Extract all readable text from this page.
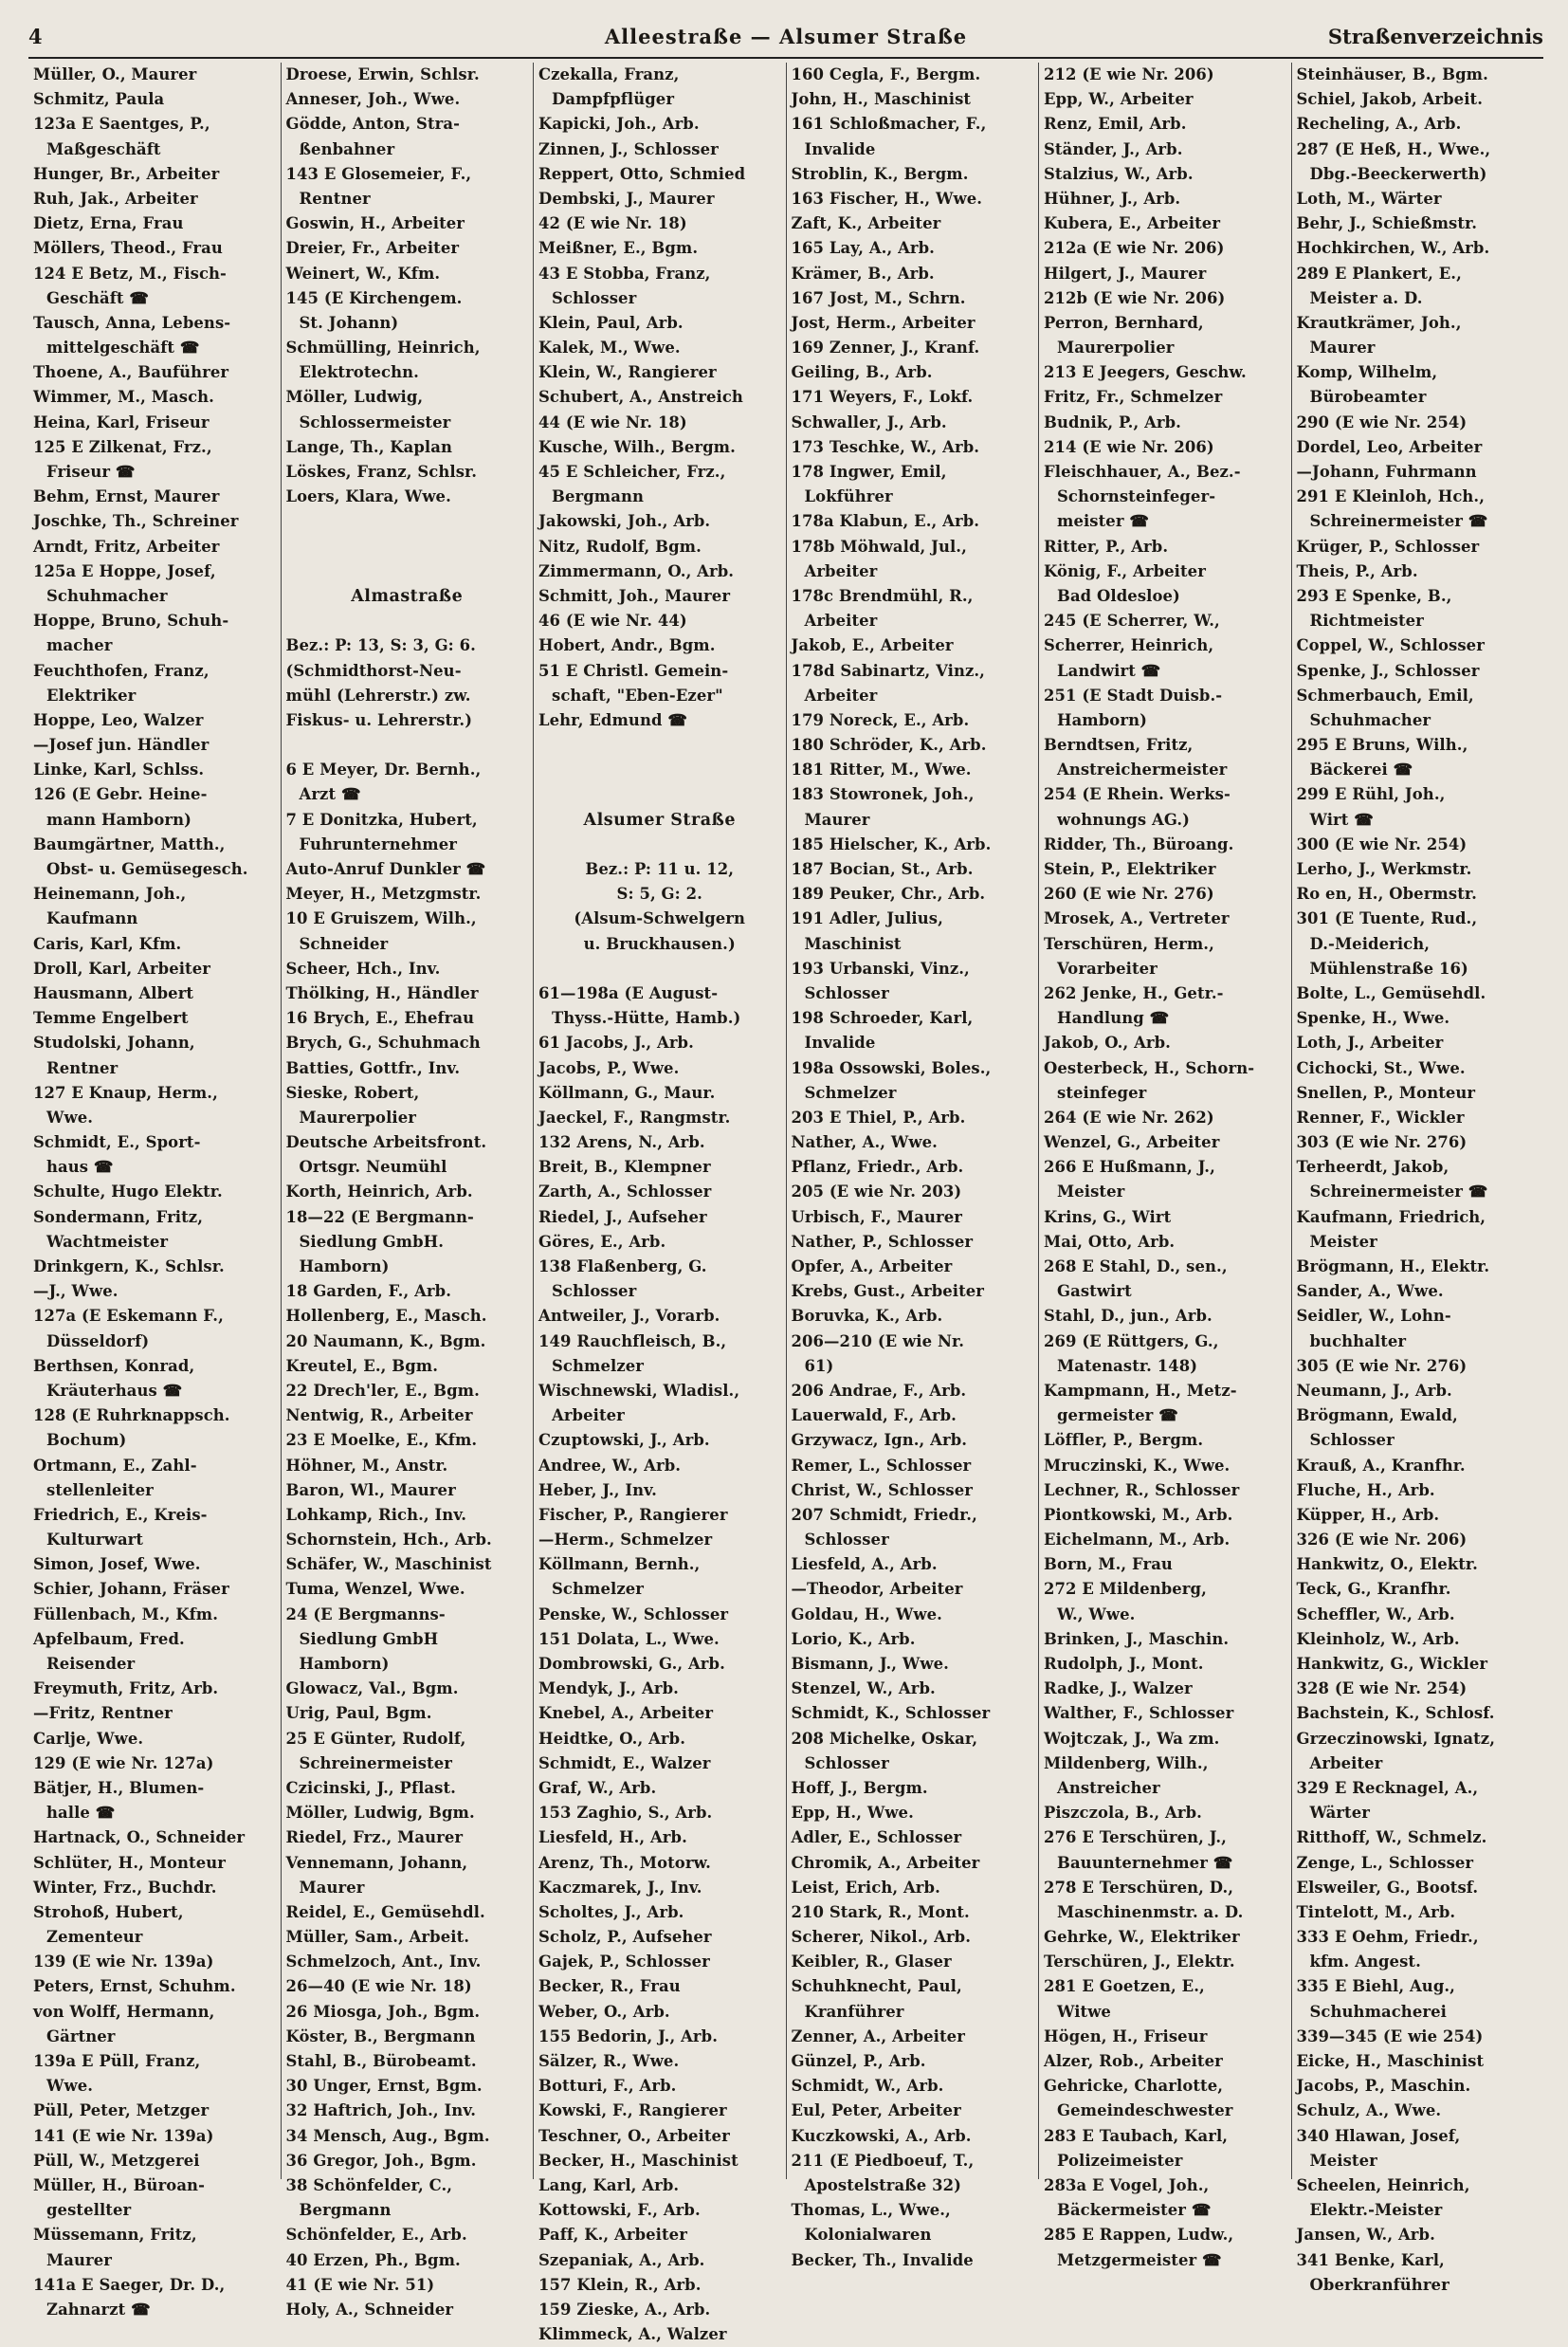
4	Alleestraße — Alsumer Straße	Straßenverzeichnis
Müller, O., Maurer
Schmitz, Paula
123a E Saentges, P.,
Maßgeschäft
Hunger, Br., Arbeiter
Ruh, Jak., Arbeiter
Dietz, Erna, Frau
Möllers, Theod., Frau
124 E Betz, M., Fisch-
Geschäft ☎
Tausch, Anna, Lebens-
mittelgeschäft ☎
Thoene, A., Bauführer
Wimmer, M., Masch.
Heina, Karl, Friseur
125 E Zilkenat, Frz.,
Friseur ☎
Behm, Ernst, Maurer
Joschke, Th., Schreiner
Arndt, Fritz, Arbeiter
125a E Hoppe, Josef,
Schuhmacher
Hoppe, Bruno, Schuh-
macher
Feuchthofen, Franz,
Elektriker
Hoppe, Leo, Walzer
—Josef jun. Händler
Linke, Karl, Schlss.
126 (E Gebr. Heine-
mann Hamborn)
Baumgärtner, Matth.,
Obst- u. Gemüsegesch.
Heinemann, Joh.,
Kaufmann
Caris, Karl, Kfm.
Droll, Karl, Arbeiter
Hausmann, Albert
Temme Engelbert
Studolski, Johann,
Rentner
127 E Knaup, Herm.,
Wwe.
Schmidt, E., Sport-
haus ☎
Schulte, Hugo Elektr.
Sondermann, Fritz,
Wachtmeister
Drinkgern, K., Schlsr.
—J., Wwe.
127a (E Eskemann F.,
Düsseldorf)
Berthsen, Konrad,
Kräuterhaus ☎
128 (E Ruhrknappsch.
Bochum)
Ortmann, E., Zahl-
stellenleiter
Friedrich, E., Kreis-
Kulturwart
Simon, Josef, Wwe.
Schier, Johann, Fräser
Füllenbach, M., Kfm.
Apfelbaum, Fred.
Reisender
Freymuth, Fritz, Arb.
—Fritz, Rentner
Carlje, Wwe.
129 (E wie Nr. 127a)
Bätjer, H., Blumen-
halle ☎
Hartnack, O., Schneider
Schlüter, H., Monteur
Winter, Frz., Buchdr.
Strohoß, Hubert,
Zementeur
139 (E wie Nr. 139a)
Peters, Ernst, Schuhm.
von Wolff, Hermann,
Gärtner
139a E Püll, Franz,
Wwe.
Püll, Peter, Metzger
141 (E wie Nr. 139a)
Püll, W., Metzgerei
Müller, H., Büroan-
gestellter
Müssemann, Fritz,
Maurer
141a E Saeger, Dr. D.,
Zahnarzt ☎
Droese, Erwin, Schlsr.
Anneser, Joh., Wwe.
Gödde, Anton, Stra-
ßenbahner
143 E Glosemeier, F.,
Rentner
Goswin, H., Arbeiter
Dreier, Fr., Arbeiter
Weinert, W., Kfm.
145 (E Kirchengem.
St. Johann)
Schmülling, Heinrich,
Elektrotechn.
Möller, Ludwig,
Schlossermeister
Lange, Th., Kaplan
Löskes, Franz, Schlsr.
Loers, Klara, Wwe.
Almastraße
Bez.: P: 13, S: 3, G: 6.
(Schmidthorst-Neu-
mühl (Lehrerstr.) zw.
Fiskus- u. Lehrerstr.)
6 E Meyer, Dr. Bernh.,
Arzt ☎
7 E Donitzka, Hubert,
Fuhrunternehmer
Auto-Anruf Dunkler ☎
Meyer, H., Metzgmstr.
10 E Gruiszem, Wilh.,
Schneider
Scheer, Hch., Inv.
Thölking, H., Händler
16 Brych, E., Ehefrau
Brych, G., Schuhmach
Batties, Gottfr., Inv.
Sieske, Robert,
Maurerpolier
Deutsche Arbeitsfront.
Ortsgr. Neumühl
Korth, Heinrich, Arb.
18—22 (E Bergmann-
Siedlung GmbH.
Hamborn)
18 Garden, F., Arb.
Hollenberg, E., Masch.
20 Naumann, K., Bgm.
Kreutel, E., Bgm.
22 Drech'ler, E., Bgm.
Nentwig, R., Arbeiter
23 E Moelke, E., Kfm.
Höhner, M., Anstr.
Baron, Wl., Maurer
Lohkamp, Rich., Inv.
Schornstein, Hch., Arb.
Schäfer, W., Maschinist
Tuma, Wenzel, Wwe.
24 (E Bergmanns-
Siedlung GmbH
Hamborn)
Glowacz, Val., Bgm.
Urig, Paul, Bgm.
25 E Günter, Rudolf,
Schreinermeister
Czicinski, J., Pflast.
Möller, Ludwig, Bgm.
Riedel, Frz., Maurer
Vennemann, Johann,
Maurer
Reidel, E., Gemüsehdl.
Müller, Sam., Arbeit.
Schmelzoch, Ant., Inv.
26—40 (E wie Nr. 18)
26 Miosga, Joh., Bgm.
Köster, B., Bergmann
Stahl, B., Bürobeamt.
30 Unger, Ernst, Bgm.
32 Haftrich, Joh., Inv.
34 Mensch, Aug., Bgm.
36 Gregor, Joh., Bgm.
38 Schönfelder, C.,
Bergmann
Schönfelder, E., Arb.
40 Erzen, Ph., Bgm.
41 (E wie Nr. 51)
Holy, A., Schneider
Czekalla, Franz,
Dampfpflüger
Kapicki, Joh., Arb.
Zinnen, J., Schlosser
Reppert, Otto, Schmied
Dembski, J., Maurer
42 (E wie Nr. 18)
Meißner, E., Bgm.
43 E Stobba, Franz,
Schlosser
Klein, Paul, Arb.
Kalek, M., Wwe.
Klein, W., Rangierer
Schubert, A., Anstreich
44 (E wie Nr. 18)
Kusche, Wilh., Bergm.
45 E Schleicher, Frz.,
Bergmann
Jakowski, Joh., Arb.
Nitz, Rudolf, Bgm.
Zimmermann, O., Arb.
Schmitt, Joh., Maurer
46 (E wie Nr. 44)
Hobert, Andr., Bgm.
51 E Christl. Gemein-
schaft, "Eben-Ezer"
Lehr, Edmund ☎
Alsumer Straße
Bez.: P: 11 u. 12,
S: 5, G: 2.
(Alsum-Schwelgern
u. Bruckhausen.)
61—198a (E August-
Thyss.-Hütte, Hamb.)
61 Jacobs, J., Arb.
Jacobs, P., Wwe.
Köllmann, G., Maur.
Jaeckel, F., Rangmstr.
132 Arens, N., Arb.
Breit, B., Klempner
Zarth, A., Schlosser
Riedel, J., Aufseher
Göres, E., Arb.
138 Flaßenberg, G.
Schlosser
Antweiler, J., Vorarb.
149 Rauchfleisch, B.,
Schmelzer
Wischnewski, Wladisl.,
Arbeiter
Czuptowski, J., Arb.
Andree, W., Arb.
Heber, J., Inv.
Fischer, P., Rangierer
—Herm., Schmelzer
Köllmann, Bernh.,
Schmelzer
Penske, W., Schlosser
151 Dolata, L., Wwe.
Dombrowski, G., Arb.
Mendyk, J., Arb.
Knebel, A., Arbeiter
Heidtke, O., Arb.
Schmidt, E., Walzer
Graf, W., Arb.
153 Zaghio, S., Arb.
Liesfeld, H., Arb.
Arenz, Th., Motorw.
Kaczmarek, J., Inv.
Scholtes, J., Arb.
Scholz, P., Aufseher
Gajek, P., Schlosser
Becker, R., Frau
Weber, O., Arb.
155 Bedorin, J., Arb.
Sälzer, R., Wwe.
Botturi, F., Arb.
Kowski, F., Rangierer
Teschner, O., Arbeiter
Becker, H., Maschinist
Lang, Karl, Arb.
Kottowski, F., Arb.
Paff, K., Arbeiter
Szepaniak, A., Arb.
157 Klein, R., Arb.
159 Zieske, A., Arb.
Klimmeck, A., Walzer
160 Cegla, F., Bergm.
John, H., Maschinist
161 Schloßmacher, F.,
Invalide
Stroblin, K., Bergm.
163 Fischer, H., Wwe.
Zaft, K., Arbeiter
165 Lay, A., Arb.
Krämer, B., Arb.
167 Jost, M., Schrn.
Jost, Herm., Arbeiter
169 Zenner, J., Kranf.
Geiling, B., Arb.
171 Weyers, F., Lokf.
Schwaller, J., Arb.
173 Teschke, W., Arb.
178 Ingwer, Emil,
Lokführer
178a Klabun, E., Arb.
178b Möhwald, Jul.,
Arbeiter
178c Brendmühl, R.,
Arbeiter
Jakob, E., Arbeiter
178d Sabinartz, Vinz.,
Arbeiter
179 Noreck, E., Arb.
180 Schröder, K., Arb.
181 Ritter, M., Wwe.
183 Stowronek, Joh.,
Maurer
185 Hielscher, K., Arb.
187 Bocian, St., Arb.
189 Peuker, Chr., Arb.
191 Adler, Julius,
Maschinist
193 Urbanski, Vinz.,
Schlosser
198 Schroeder, Karl,
Invalide
198a Ossowski, Boles.,
Schmelzer
203 E Thiel, P., Arb.
Nather, A., Wwe.
Pflanz, Friedr., Arb.
205 (E wie Nr. 203)
Urbisch, F., Maurer
Nather, P., Schlosser
Opfer, A., Arbeiter
Krebs, Gust., Arbeiter
Boruvka, K., Arb.
206—210 (E wie Nr.
61)
206 Andrae, F., Arb.
Lauerwald, F., Arb.
Grzywacz, Ign., Arb.
Remer, L., Schlosser
Christ, W., Schlosser
207 Schmidt, Friedr.,
Schlosser
Liesfeld, A., Arb.
—Theodor, Arbeiter
Goldau, H., Wwe.
Lorio, K., Arb.
Bismann, J., Wwe.
Stenzel, W., Arb.
Schmidt, K., Schlosser
208 Michelke, Oskar,
Schlosser
Hoff, J., Bergm.
Epp, H., Wwe.
Adler, E., Schlosser
Chromik, A., Arbeiter
Leist, Erich, Arb.
210 Stark, R., Mont.
Scherer, Nikol., Arb.
Keibler, R., Glaser
Schuhknecht, Paul,
Kranführer
Zenner, A., Arbeiter
Günzel, P., Arb.
Schmidt, W., Arb.
Eul, Peter, Arbeiter
Kuczkowski, A., Arb.
211 (E Piedboeuf, T.,
Apostelstraße 32)
Thomas, L., Wwe.,
Kolonialwaren
Becker, Th., Invalide
212 (E wie Nr. 206)
Epp, W., Arbeiter
Renz, Emil, Arb.
Ständer, J., Arb.
Stalzius, W., Arb.
Hühner, J., Arb.
Kubera, E., Arbeiter
212a (E wie Nr. 206)
Hilgert, J., Maurer
212b (E wie Nr. 206)
Perron, Bernhard,
Maurerpolier
213 E Jeegers, Geschw.
Fritz, Fr., Schmelzer
Budnik, P., Arb.
214 (E wie Nr. 206)
Fleischhauer, A., Bez.-
Schornsteinfeger-
meister ☎
Ritter, P., Arb.
König, F., Arbeiter
Bad Oldesloe)
245 (E Scherrer, W.,
Scherrer, Heinrich,
Landwirt ☎
251 (E Stadt Duisb.-
Hamborn)
Berndtsen, Fritz,
Anstreichermeister
254 (E Rhein. Werks-
wohnungs AG.)
Ridder, Th., Büroang.
Stein, P., Elektriker
260 (E wie Nr. 276)
Mrosek, A., Vertreter
Terschüren, Herm.,
Vorarbeiter
262 Jenke, H., Getr.-
Handlung ☎
Jakob, O., Arb.
Oesterbeck, H., Schorn-
steinfeger
264 (E wie Nr. 262)
Wenzel, G., Arbeiter
266 E Hußmann, J.,
Meister
Krins, G., Wirt
Mai, Otto, Arb.
268 E Stahl, D., sen.,
Gastwirt
Stahl, D., jun., Arb.
269 (E Rüttgers, G.,
Matenastr. 148)
Kampmann, H., Metz-
germeister ☎
Löffler, P., Bergm.
Mruczinski, K., Wwe.
Lechner, R., Schlosser
Piontkowski, M., Arb.
Eichelmann, M., Arb.
Born, M., Frau
272 E Mildenberg,
W., Wwe.
Brinken, J., Maschin.
Rudolph, J., Mont.
Radke, J., Walzer
Walther, F., Schlosser
Wojtczak, J., Wa zm.
Mildenberg, Wilh.,
Anstreicher
Piszczola, B., Arb.
276 E Terschüren, J.,
Bauunternehmer ☎
278 E Terschüren, D.,
Maschinenmstr. a. D.
Gehrke, W., Elektriker
Terschüren, J., Elektr.
281 E Goetzen, E.,
Witwe
Högen, H., Friseur
Alzer, Rob., Arbeiter
Gehricke, Charlotte,
Gemeindeschwester
283 E Taubach, Karl,
Polizeimeister
283a E Vogel, Joh.,
Bäckermeister ☎
285 E Rappen, Ludw.,
Metzgermeister ☎
Steinhäuser, B., Bgm.
Schiel, Jakob, Arbeit.
Recheling, A., Arb.
287 (E Heß, H., Wwe.,
Dbg.-Beeckerwerth)
Loth, M., Wärter
Behr, J., Schießmstr.
Hochkirchen, W., Arb.
289 E Plankert, E.,
Meister a. D.
Krautkrämer, Joh.,
Maurer
Komp, Wilhelm,
Bürobeamter
290 (E wie Nr. 254)
Dordel, Leo, Arbeiter
—Johann, Fuhrmann
291 E Kleinloh, Hch.,
Schreinermeister ☎
Krüger, P., Schlosser
Theis, P., Arb.
293 E Spenke, B.,
Richtmeister
Coppel, W., Schlosser
Spenke, J., Schlosser
Schmerbauch, Emil,
Schuhmacher
295 E Bruns, Wilh.,
Bäckerei ☎
299 E Rühl, Joh.,
Wirt ☎
300 (E wie Nr. 254)
Lerho, J., Werkmstr.
Ro en, H., Obermstr.
301 (E Tuente, Rud.,
D.-Meiderich,
Mühlenstraße 16)
Bolte, L., Gemüsehdl.
Spenke, H., Wwe.
Loth, J., Arbeiter
Cichocki, St., Wwe.
Snellen, P., Monteur
Renner, F., Wickler
303 (E wie Nr. 276)
Terheerdt, Jakob,
Schreinermeister ☎
Kaufmann, Friedrich,
Meister
Brögmann, H., Elektr.
Sander, A., Wwe.
Seidler, W., Lohn-
buchhalter
305 (E wie Nr. 276)
Neumann, J., Arb.
Brögmann, Ewald,
Schlosser
Krauß, A., Kranfhr.
Fluche, H., Arb.
Küpper, H., Arb.
326 (E wie Nr. 206)
Hankwitz, O., Elektr.
Teck, G., Kranfhr.
Scheffler, W., Arb.
Kleinholz, W., Arb.
Hankwitz, G., Wickler
328 (E wie Nr. 254)
Bachstein, K., Schlosf.
Grzeczinowski, Ignatz,
Arbeiter
329 E Recknagel, A.,
Wärter
Ritthoff, W., Schmelz.
Zenge, L., Schlosser
Elsweiler, G., Bootsf.
Tintelott, M., Arb.
333 E Oehm, Friedr.,
kfm. Angest.
335 E Biehl, Aug.,
Schuhmacherei
339—345 (E wie 254)
Eicke, H., Maschinist
Jacobs, P., Maschin.
Schulz, A., Wwe.
340 Hlawan, Josef,
Meister
Scheelen, Heinrich,
Elektr.-Meister
Jansen, W., Arb.
341 Benke, Karl,
Oberkranführer
